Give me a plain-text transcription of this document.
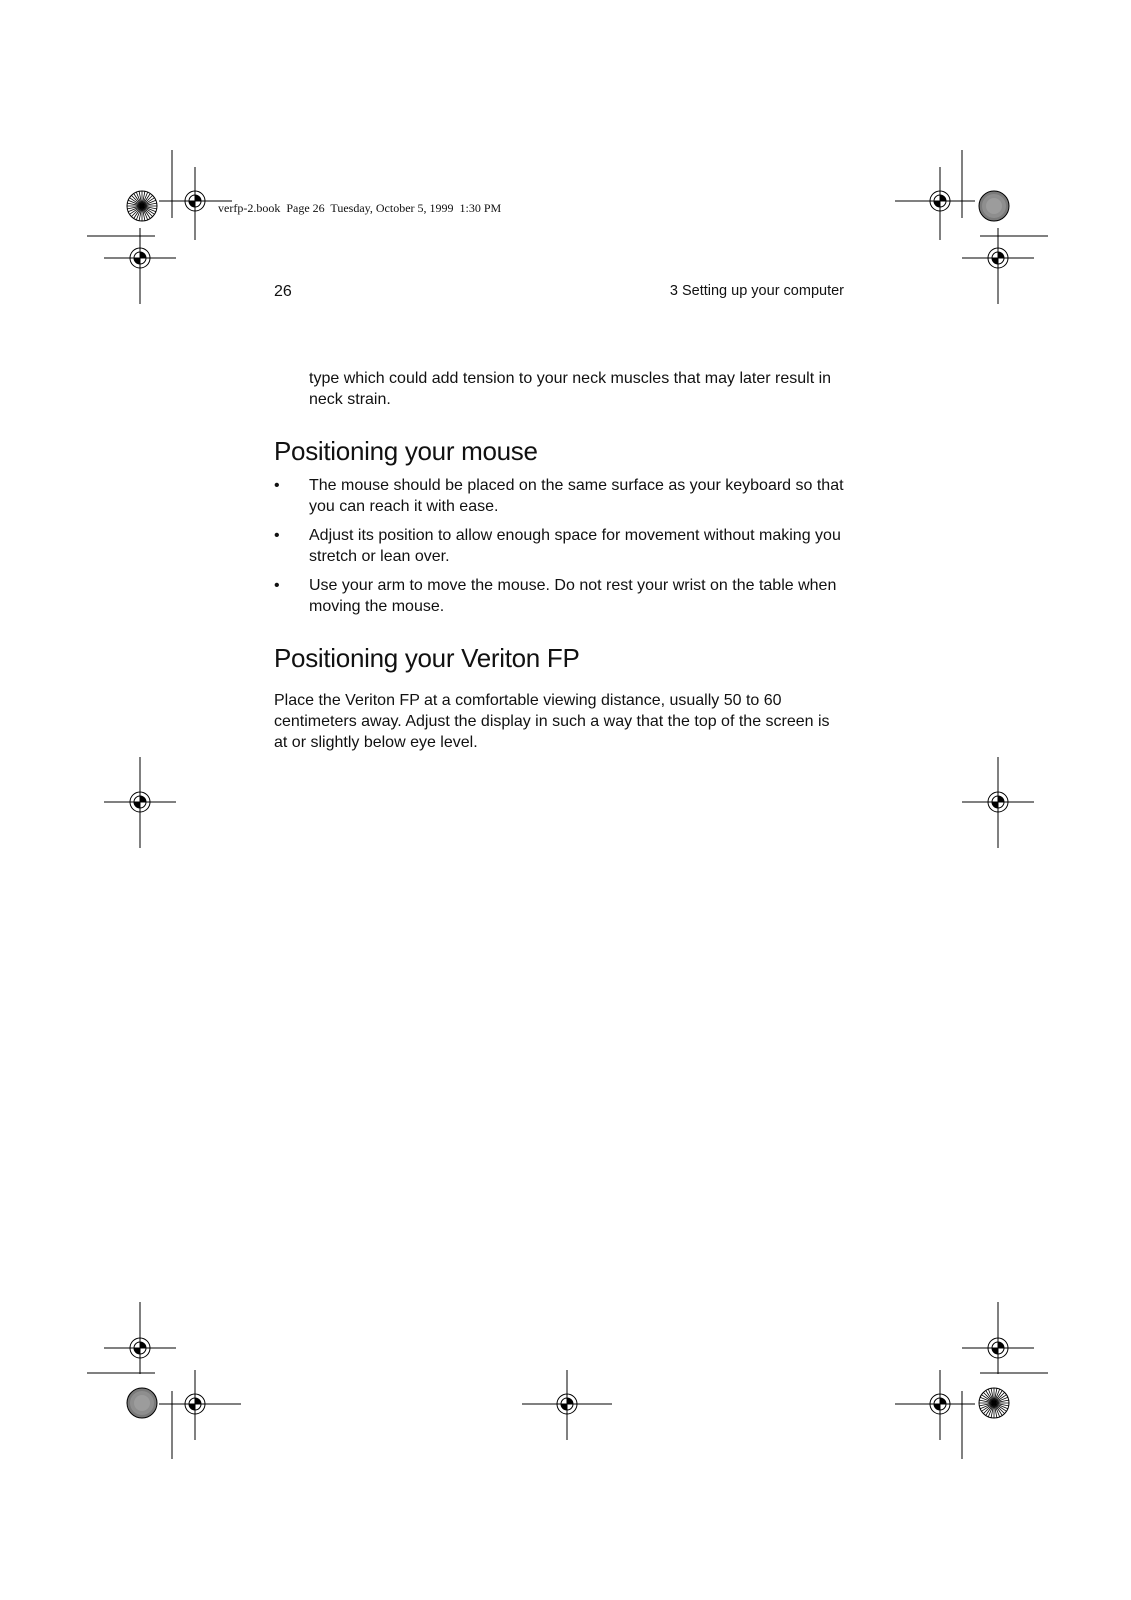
verfp-2.book  Page 26  Tuesday, October 5, 1999  1:30 PM
26	3 Setting up your computer

type which could add tension to your neck muscles that may later result in neck strain.

Positioning your mouse
• The mouse should be placed on the same surface as your keyboard so that you can reach it with ease.
• Adjust its position to allow enough space for movement without making you stretch or lean over.
• Use your arm to move the mouse. Do not rest your wrist on the table when moving the mouse.
Positioning your Veriton FP

Place the Veriton FP at a comfortable viewing distance, usually 50 to 60 centimeters away. Adjust the display in such a way that the top of the screen is at or slightly below eye level.
